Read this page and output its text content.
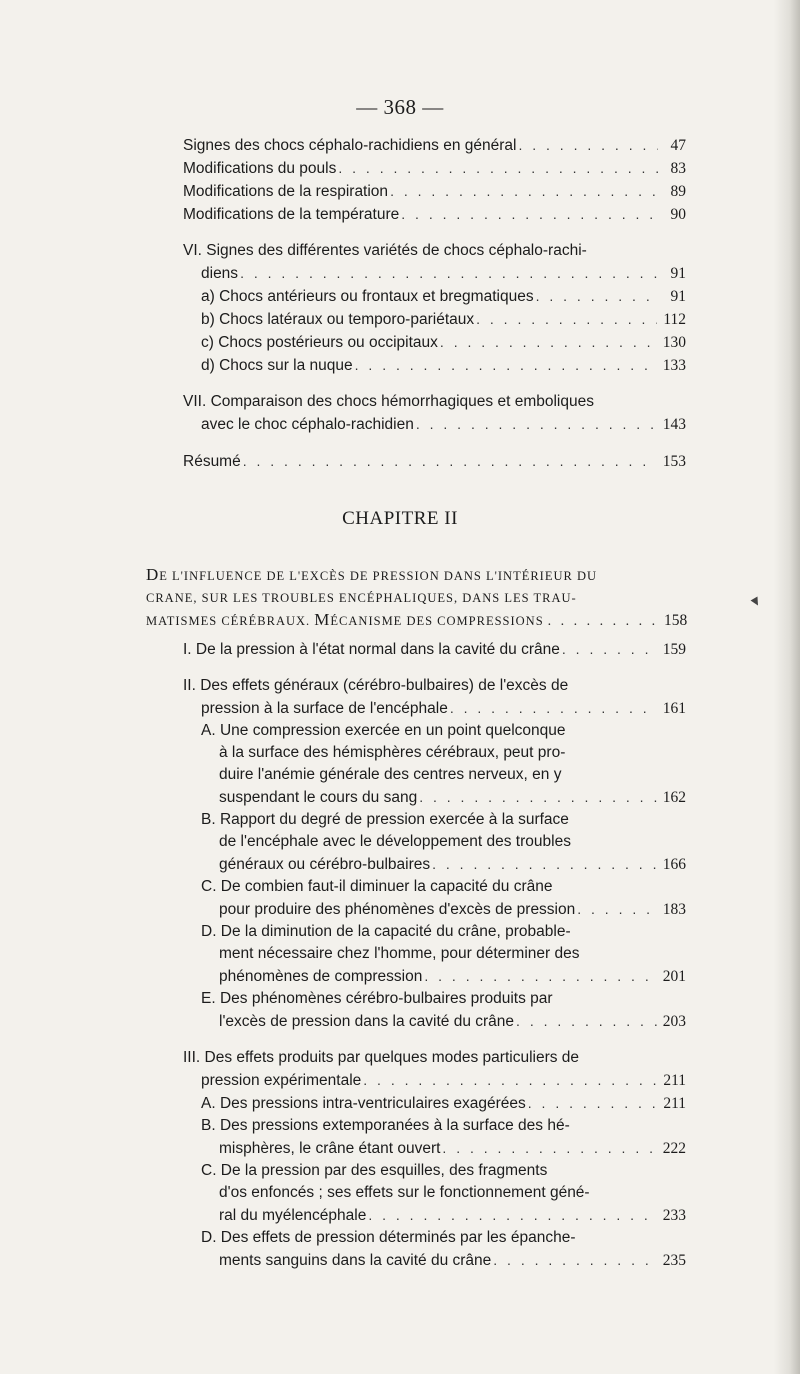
— 368 —
Signes des chocs céphalo-rachidiens en général . . .	47
Modifications du pouls . . .	83
Modifications de la respiration . . .	89
Modifications de la température . . .	90
VI. Signes des différentes variétés de chocs céphalo-rachi-
diens . . .	91
a) Chocs antérieurs ou frontaux et bregmatiques . . .	91
b) Chocs latéraux ou temporo-pariétaux . . .	112
c) Chocs postérieurs ou occipitaux . . .	130
d) Chocs sur la nuque . . .	133
VII. Comparaison des chocs hémorrhagiques et emboliques
avec le choc céphalo-rachidien . . .	143
Résumé . . .	153
CHAPITRE II
DE L'INFLUENCE DE L'EXCÈS DE PRESSION DANS L'INTÉRIEUR DU
CRANE, SUR LES TROUBLES ENCÉPHALIQUES, DANS LES TRAU-
MATISMES CÉRÉBRAUX. MÉCANISME DES COMPRESSIONS . . .	158
I. De la pression à l'état normal dans la cavité du crâne . . .	159
II. Des effets généraux (cérébro-bulbaires) de l'excès de
pression à la surface de l'encéphale . . .	161
A. Une compression exercée en un point quelconque
à la surface des hémisphères cérébraux, peut pro-
duire l'anémie générale des centres nerveux, en y
suspendant le cours du sang . . .	162
B. Rapport du degré de pression exercée à la surface
de l'encéphale avec le développement des troubles
généraux ou cérébro-bulbaires . . .	166
C. De combien faut-il diminuer la capacité du crâne
pour produire des phénomènes d'excès de pression . . .	183
D. De la diminution de la capacité du crâne, probable-
ment nécessaire chez l'homme, pour déterminer des
phénomènes de compression . . .	201
E. Des phénomènes cérébro-bulbaires produits par
l'excès de pression dans la cavité du crâne . . .	203
III. Des effets produits par quelques modes particuliers de
pression expérimentale . . .	211
A. Des pressions intra-ventriculaires exagérées . . .	211
B. Des pressions extemporanées à la surface des hé-
misphères, le crâne étant ouvert . . .	222
C. De la pression par des esquilles, des fragments
d'os enfoncés ; ses effets sur le fonctionnement géné-
ral du myélencéphale . . .	233
D. Des effets de pression déterminés par les épanche-
ments sanguins dans la cavité du crâne . . .	235
